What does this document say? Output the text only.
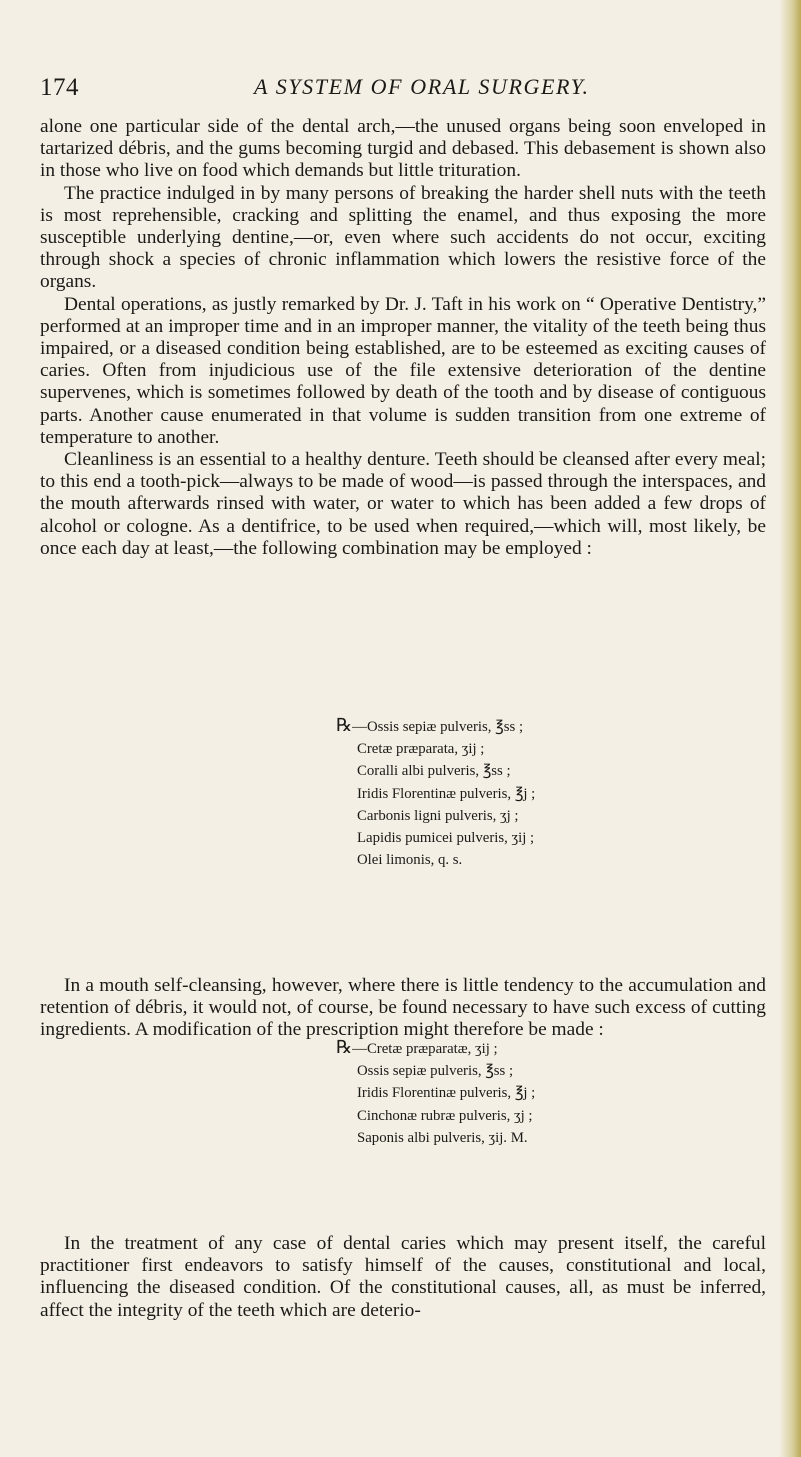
174	A SYSTEM OF ORAL SURGERY.

alone one particular side of the dental arch,—the unused organs being soon enveloped in tartarized débris, and the gums becoming turgid and debased. This debasement is shown also in those who live on food which demands but little trituration.

The practice indulged in by many persons of breaking the harder shell nuts with the teeth is most reprehensible, cracking and splitting the enamel, and thus exposing the more susceptible underlying dentine,—or, even where such accidents do not occur, exciting through shock a species of chronic inflammation which lowers the resistive force of the organs.

Dental operations, as justly remarked by Dr. J. Taft in his work on “ Operative Dentistry,” performed at an improper time and in an improper manner, the vitality of the teeth being thus impaired, or a diseased condition being established, are to be esteemed as exciting causes of caries. Often from injudicious use of the file extensive deterioration of the dentine supervenes, which is sometimes followed by death of the tooth and by disease of contiguous parts. Another cause enumerated in that volume is sudden transition from one extreme of temperature to another.

Cleanliness is an essential to a healthy denture. Teeth should be cleansed after every meal; to this end a tooth-pick—always to be made of wood—is passed through the interspaces, and the mouth afterwards rinsed with water, or water to which has been added a few drops of alcohol or cologne. As a dentifrice, to be used when required,—which will, most likely, be once each day at least,—the following combination may be employed :

℞—Ossis sepiæ pulveris, ℥ss ;
Cretæ præparata, ʒij ;
Coralli albi pulveris, ℥ss ;
Iridis Florentinæ pulveris, ℥j ;
Carbonis ligni pulveris, ʒj ;
Lapidis pumicei pulveris, ʒij ;
Olei limonis, q. s.

In a mouth self-cleansing, however, where there is little tendency to the accumulation and retention of débris, it would not, of course, be found necessary to have such excess of cutting ingredients. A modification of the prescription might therefore be made :

℞—Cretæ præparatæ, ʒij ;
Ossis sepiæ pulveris, ℥ss ;
Iridis Florentinæ pulveris, ℥j ;
Cinchonæ rubræ pulveris, ʒj ;
Saponis albi pulveris, ʒij. M.

In the treatment of any case of dental caries which may present itself, the careful practitioner first endeavors to satisfy himself of the causes, constitutional and local, influencing the diseased condition. Of the constitutional causes, all, as must be inferred, affect the integrity of the teeth which are deterio-
